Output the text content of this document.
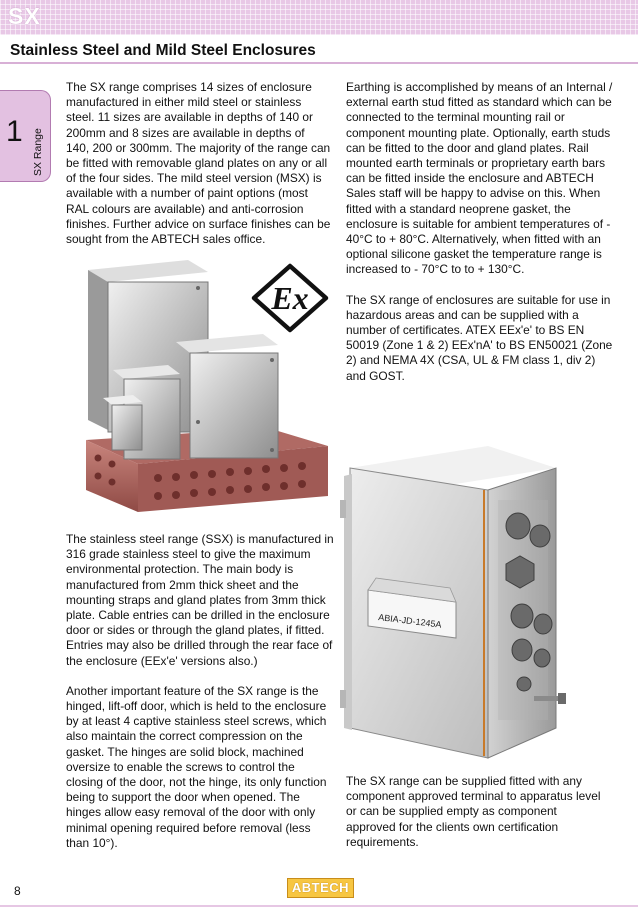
SX
Stainless Steel and Mild Steel Enclosures
1 SX Range

The SX range comprises 14 sizes of enclosure manufactured in either mild steel or stainless steel. 11 sizes are available in depths of 140 or 200mm and 8 sizes are available in depths of 140, 200 or 300mm. The majority of the range can be fitted with removable gland plates on any or all of the four sides. The mild steel version (MSX) is available with a number of paint options (most RAL colours are available) and anti-corrosion finishes. Further advice on surface finishes can be sought from the ABTECH sales office.

Ex

The stainless steel range (SSX) is manufactured in 316 grade stainless steel to give the maximum environmental protection. The main body is manufactured from 2mm thick sheet and the mounting straps and gland plates from 3mm thick plate. Cable entries can be drilled in the enclosure door or sides or through the gland plates, if fitted. Entries may also be drilled through the rear face of the enclosure (EEx'e' versions also.)

Another important feature of the SX range is the hinged, lift-off door, which is held to the enclosure by at least 4 captive stainless steel screws, which also maintain the correct compression on the gasket. The hinges are solid block, machined oversize to enable the screws to control the closing of the door, not the hinge, its only function being to support the door when opened. The hinges allow easy removal of the door with only minimal opening required before removal (less than 10°).

Earthing is accomplished by means of an Internal / external earth stud fitted as standard which can be connected to the terminal mounting rail or component mounting plate. Optionally, earth studs can be fitted to the door and gland plates. Rail mounted earth terminals or proprietary earth bars can be fitted inside the enclosure and ABTECH Sales staff will be happy to advise on this. When fitted with a standard neoprene gasket, the enclosure is suitable for ambient temperatures of - 40°C to + 80°C. Alternatively, when fitted with an optional silicone gasket the temperature range is increased to - 70°C to to + 130°C.

The SX range of enclosures are suitable for use in hazardous areas and can be supplied with a number of certificates. ATEX EEx'e' to BS EN 50019 (Zone 1 & 2) EEx'nA' to BS EN50021 (Zone 2) and NEMA 4X (CSA, UL & FM class 1, div 2) and GOST.

ABIA-JD-1245A

The SX range can be supplied fitted with any component approved terminal to apparatus level or can be supplied empty as component approved for the clients own certification requirements.

8	ABTECH
